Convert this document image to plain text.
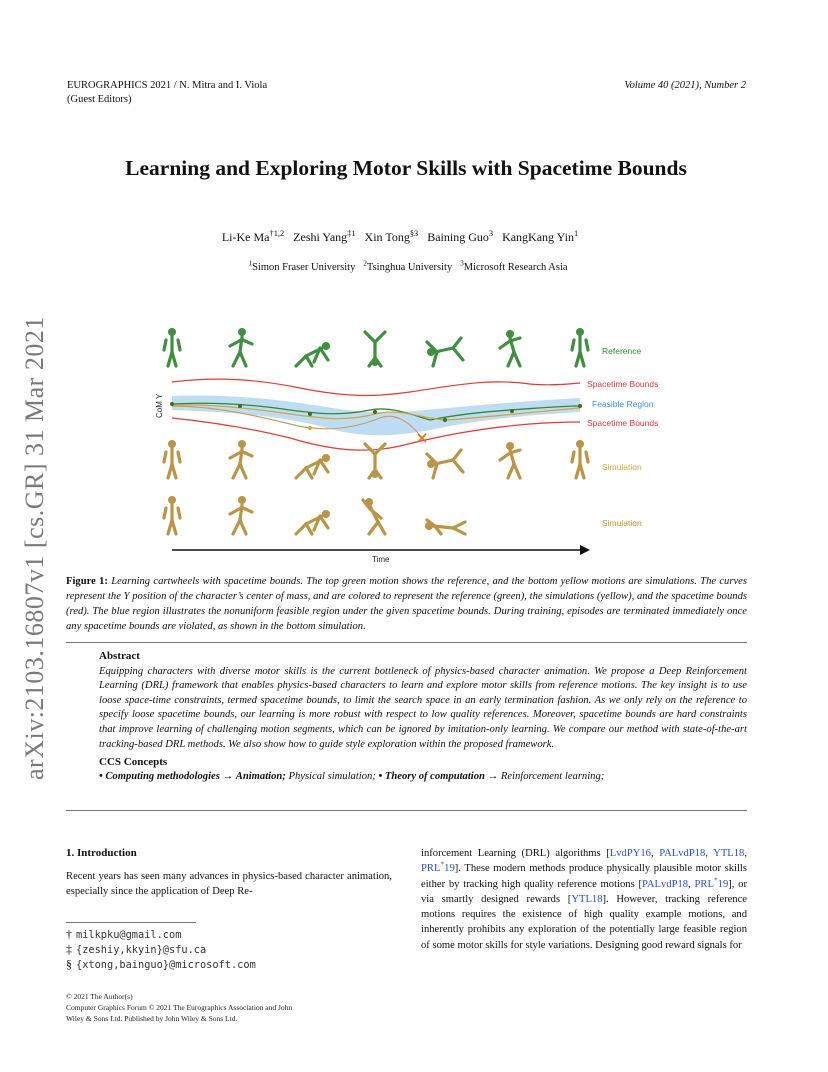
EUROGRAPHICS 2021 / N. Mitra and I. Viola
(Guest Editors)
Volume 40 (2021), Number 2
Learning and Exploring Motor Skills with Spacetime Bounds
Li-Ke Ma$^{\dagger 1,2}$ Zeshi Yang$^{\ddagger 1}$ Xin Tong$^{\S 3}$ Baining Guo$^3$ KangKang Yin$^1$
$^1$Simon Fraser University $^2$Tsinghua University $^3$Microsoft Research Asia
arXiv:2103.16807v1 [cs.GR] 31 Mar 2021	CoM Y
Time
Reference
Spacetime Bounds
Feasible Region
Spacetime Bounds
Simulation
Simulation
Figure 1: Learning cartwheels with spacetime bounds. The top green motion shows the reference, and the bottom yellow motions are simulations. The curves represent the Y position of the character’s center of mass, and are colored to represent the reference (green), the simulations (yellow), and the spacetime bounds (red). The blue region illustrates the nonuniform feasible region under the given spacetime bounds. During training, episodes are terminated immediately once any spacetime bounds are violated, as shown in the bottom simulation.
Abstract
Equipping characters with diverse motor skills is the current bottleneck of physics-based character animation. We propose a Deep Reinforcement Learning (DRL) framework that enables physics-based characters to learn and explore motor skills from reference motions. The key insight is to use loose space-time constraints, termed spacetime bounds, to limit the search space in an early termination fashion. As we only rely on the reference to specify loose spacetime bounds, our learning is more robust with respect to low quality references. Moreover, spacetime bounds are hard constraints that improve learning of challenging motion segments, which can be ignored by imitation-only learning. We compare our method with state-of-the-art tracking-based DRL methods. We also show how to guide style exploration within the proposed framework.
CCS Concepts
• Computing methodologies → Animation; Physical simulation; • Theory of computation → Reinforcement learning;
1. Introduction
Recent years has seen many advances in physics-based character animation, especially since the application of Deep Re-
inforcement Learning (DRL) algorithms [LvdPY16, PALvdP18, YTL18, PRL*19]. These modern methods produce physically plausible motor skills either by tracking high quality reference motions [PALvdP18, PRL*19], or via smartly designed rewards [YTL18]. However, tracking reference motions requires the existence of high quality example motions, and inherently prohibits any exploration of the potentially large feasible region of some motor skills for style variations. Designing good reward signals for
† milkpku@gmail.com
‡ {zeshiy,kkyin}@sfu.ca
§ {xtong,bainguo}@microsoft.com
© 2021 The Author(s)
Computer Graphics Forum © 2021 The Eurographics Association and John
Wiley & Sons Ltd. Published by John Wiley & Sons Ltd.
